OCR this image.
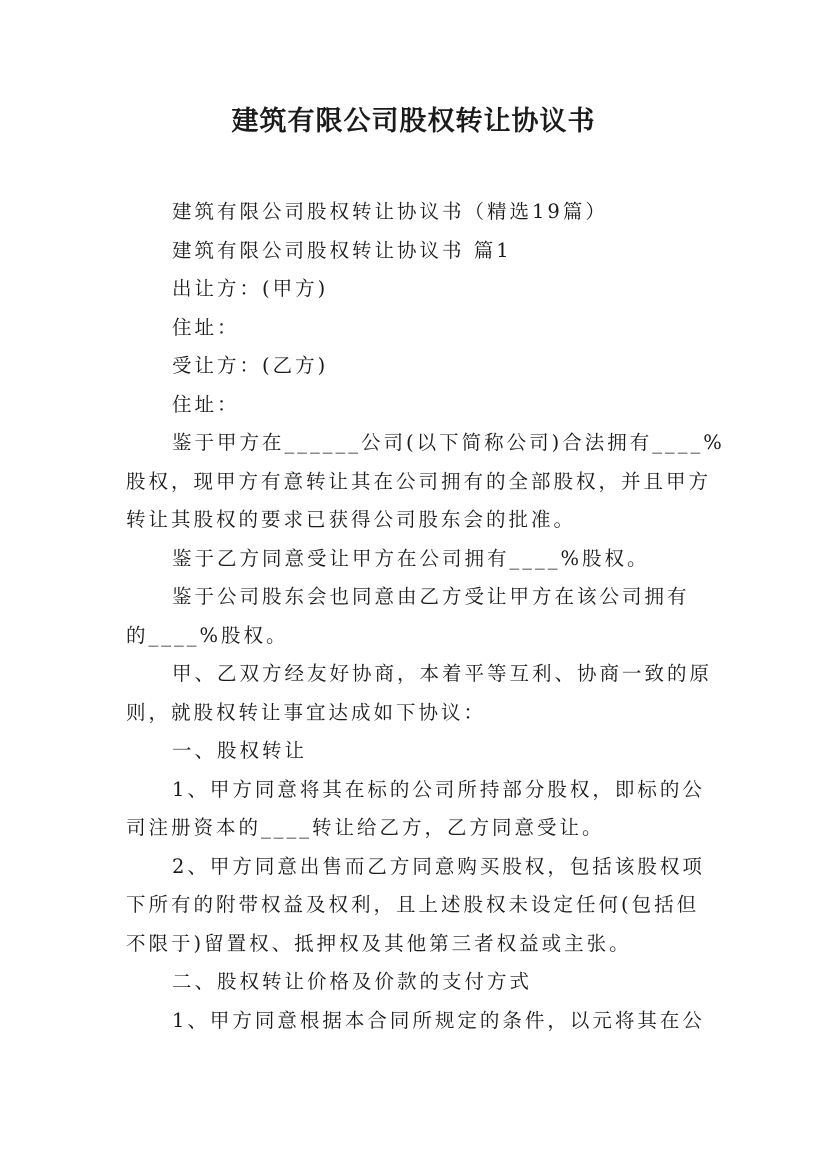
建筑有限公司股权转让协议书

建筑有限公司股权转让协议书（精选19篇）

建筑有限公司股权转让协议书 篇1

出让方：(甲方)

住址：

受让方：(乙方)

住址：

鉴于甲方在______公司(以下简称公司)合法拥有____%

股权，现甲方有意转让其在公司拥有的全部股权，并且甲方

转让其股权的要求已获得公司股东会的批准。

鉴于乙方同意受让甲方在公司拥有____%股权。

鉴于公司股东会也同意由乙方受让甲方在该公司拥有

的____%股权。

甲、乙双方经友好协商，本着平等互利、协商一致的原

则，就股权转让事宜达成如下协议：

一、股权转让

1、甲方同意将其在标的公司所持部分股权，即标的公

司注册资本的____转让给乙方，乙方同意受让。

2、甲方同意出售而乙方同意购买股权，包括该股权项

下所有的附带权益及权利，且上述股权未设定任何(包括但

不限于)留置权、抵押权及其他第三者权益或主张。

二、股权转让价格及价款的支付方式

1、甲方同意根据本合同所规定的条件，以元将其在公
